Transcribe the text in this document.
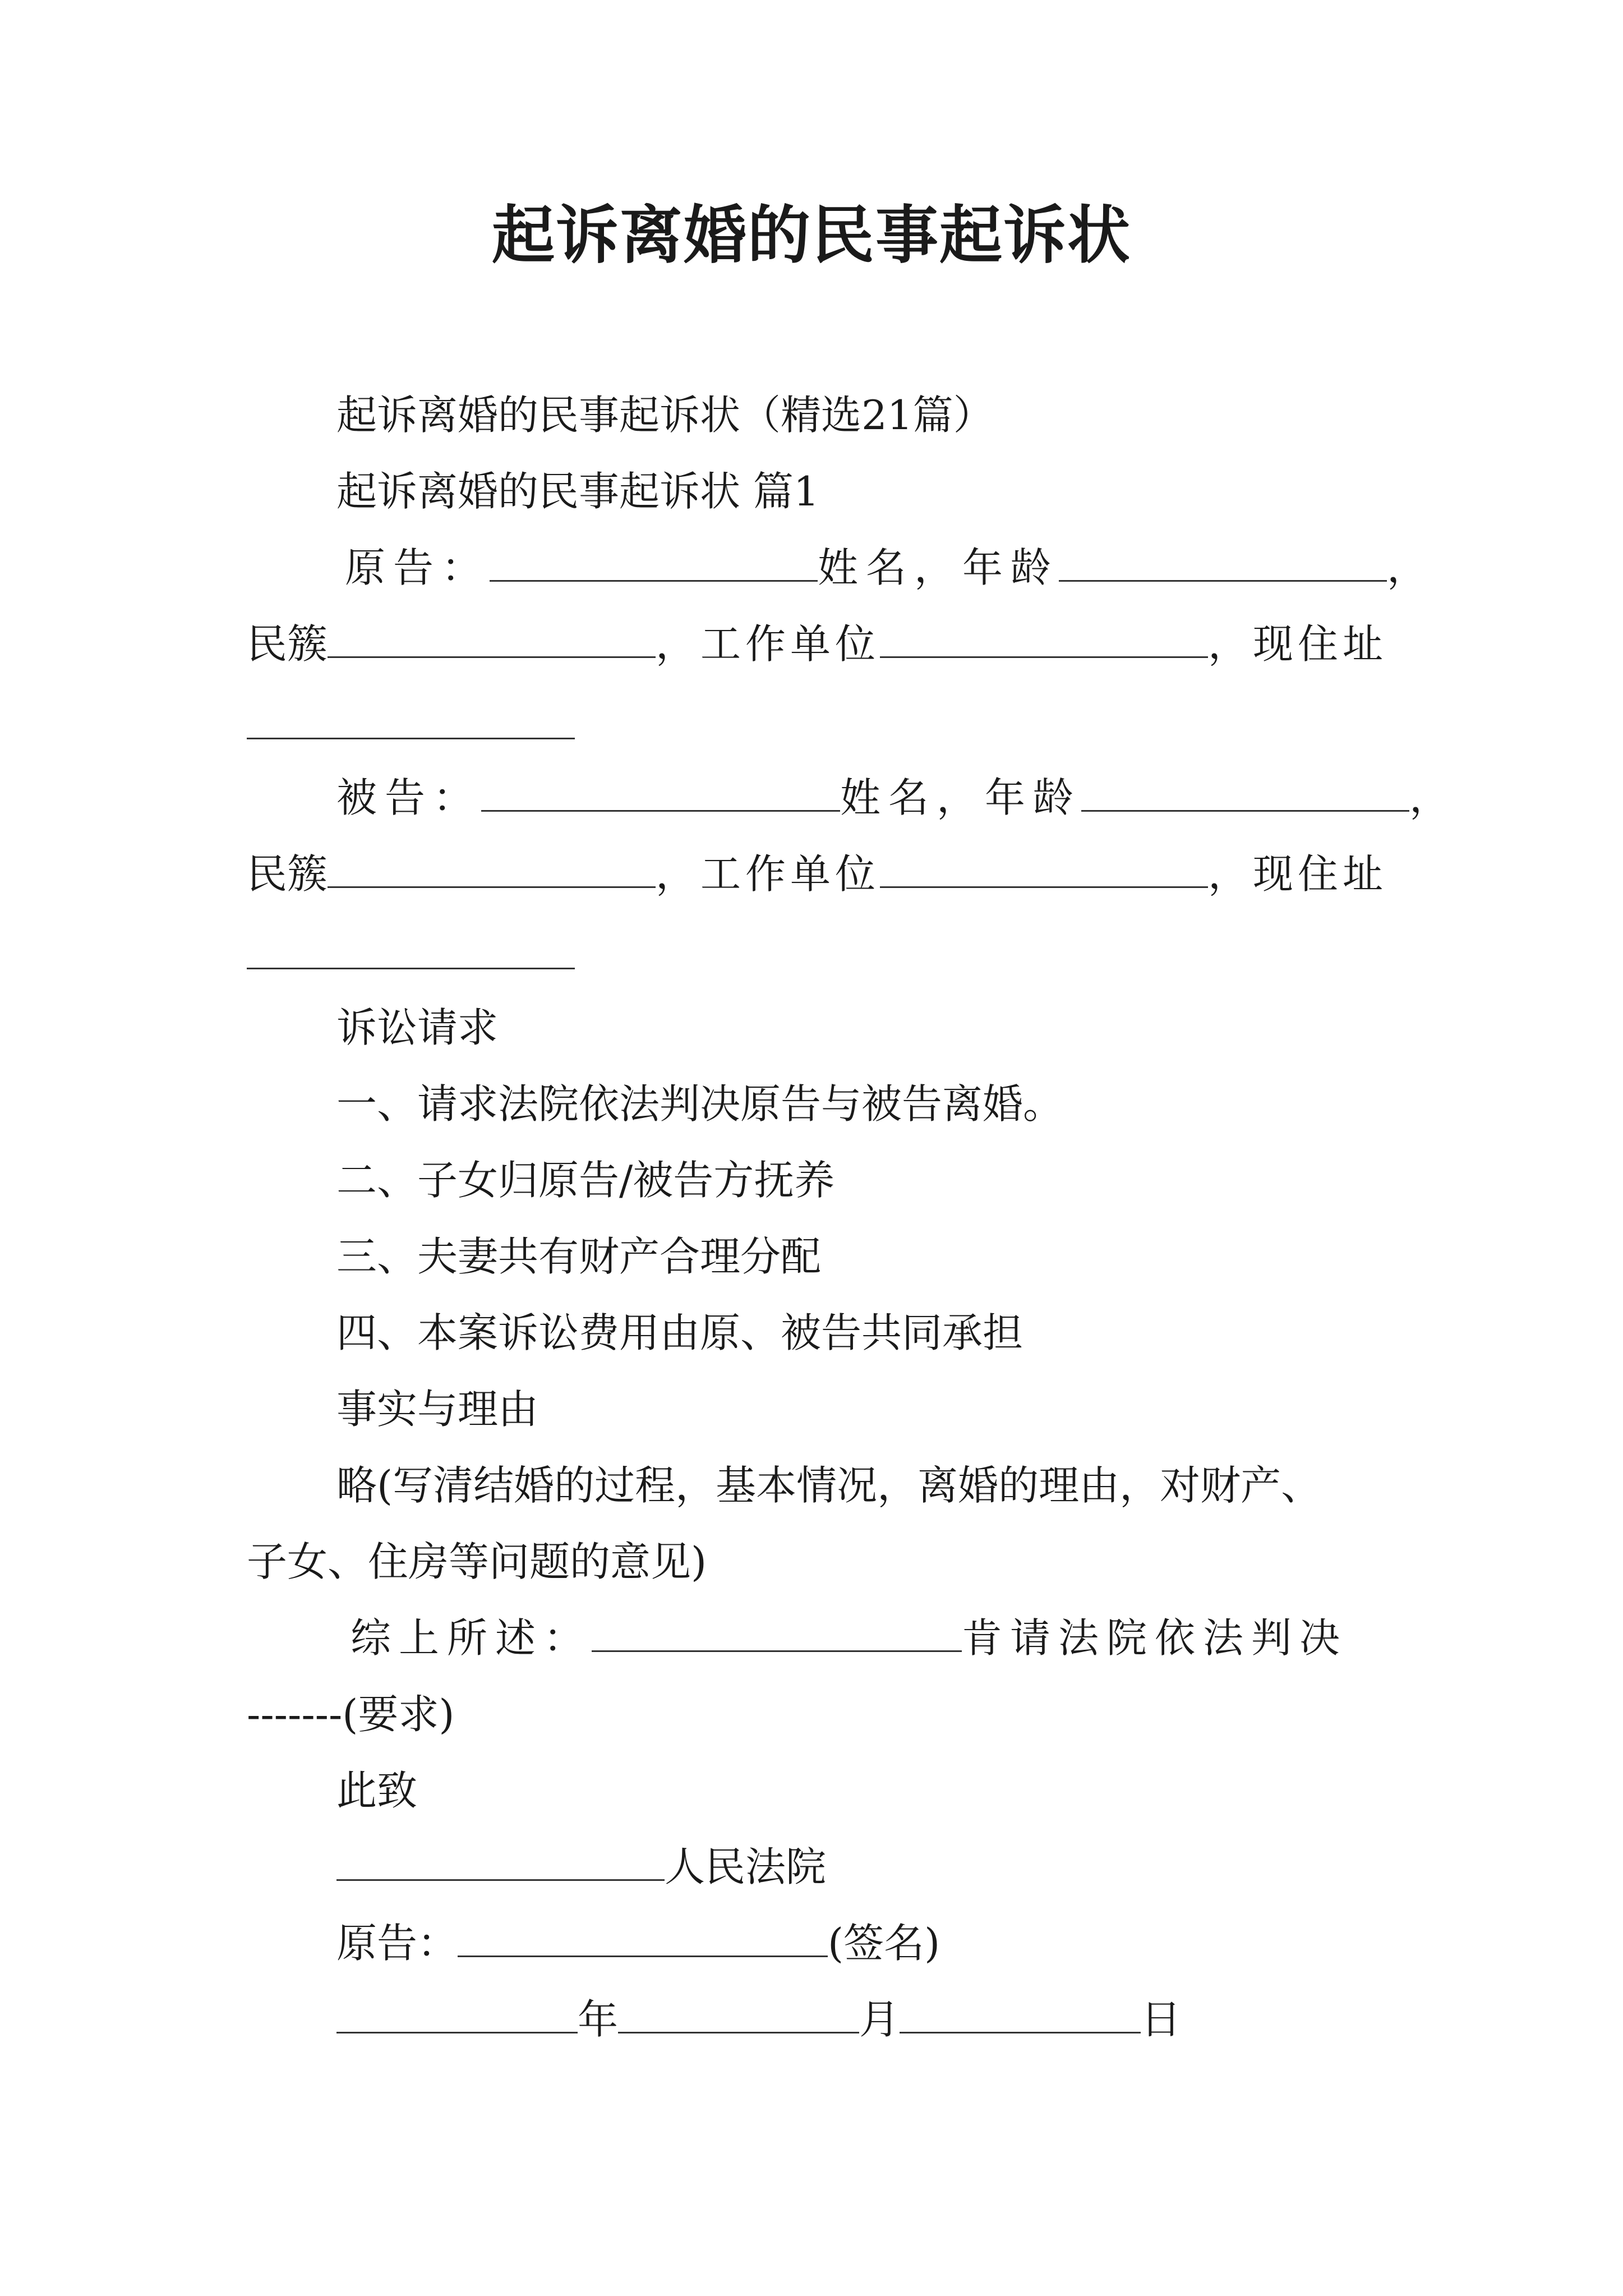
起诉离婚的民事起诉状
起诉离婚的民事起诉状（精选21篇）
起诉离婚的民事起诉状 篇1
原告：	姓名，年龄	，
民簇	，工作单位	，现住址
被告：	姓名，年龄	，
民簇	，工作单位	，现住址
诉讼请求
一、请求法院依法判决原告与被告离婚。
二、子女归原告/被告方抚养
三、夫妻共有财产合理分配
四、本案诉讼费用由原、被告共同承担
事实与理由
略(写清结婚的过程，基本情况，离婚的理由，对财产、
子女、住房等问题的意见)
综上所述：	肯请法院依法判决
-------(要求)
此致
人民法院
原告：	(签名)
年	月	日
